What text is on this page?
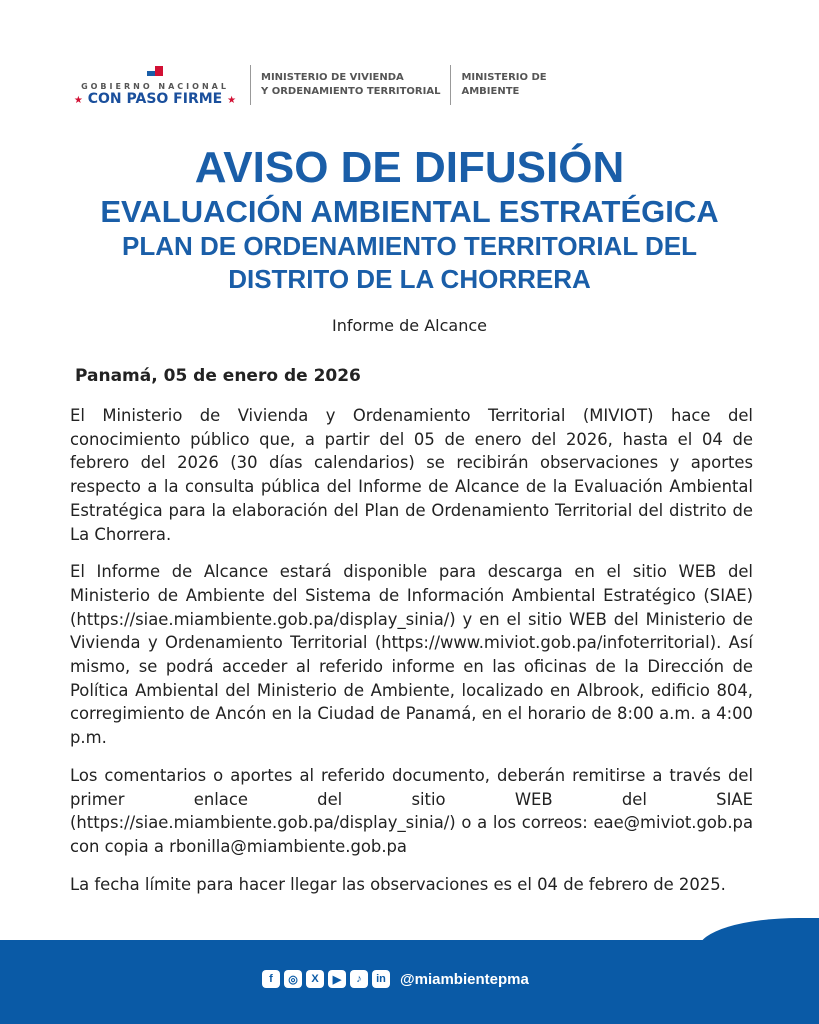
GOBIERNO NACIONAL
★ CON PASO FIRME ★
MINISTERIO DE VIVIENDA
Y ORDENAMIENTO TERRITORIAL
MINISTERIO DE
AMBIENTE
AVISO DE DIFUSIÓN
EVALUACIÓN AMBIENTAL ESTRATÉGICA
PLAN DE ORDENAMIENTO TERRITORIAL DEL
DISTRITO DE LA CHORRERA
Informe de Alcance
Panamá, 05 de enero de 2026

El Ministerio de Vivienda y Ordenamiento Territorial (MIVIOT) hace del conocimiento público que, a partir del 05 de enero del 2026, hasta el 04 de febrero del 2026 (30 días calendarios) se recibirán observaciones y aportes respecto a la consulta pública del Informe de Alcance de la Evaluación Ambiental Estratégica para la elaboración del Plan de Ordenamiento Territorial del distrito de La Chorrera.

El Informe de Alcance estará disponible para descarga en el sitio WEB del Ministerio de Ambiente del Sistema de Información Ambiental Estratégico (SIAE) (https://siae.miambiente.gob.pa/display_sinia/) y en el sitio WEB del Ministerio de Vivienda y Ordenamiento Territorial (https://www.miviot.gob.pa/infoterritorial). Así mismo, se podrá acceder al referido informe en las oficinas de la Dirección de Política Ambiental del Ministerio de Ambiente, localizado en Albrook, edificio 804, corregimiento de Ancón en la Ciudad de Panamá, en el horario de 8:00 a.m. a 4:00 p.m.

Los comentarios o aportes al referido documento, deberán remitirse a través del primer enlace del sitio WEB del SIAE (https://siae.miambiente.gob.pa/display_sinia/) o a los correos: eae@miviot.gob.pa con copia a rbonilla@miambiente.gob.pa

La fecha límite para hacer llegar las observaciones es el 04 de febrero de 2025.

f	◎	X	▶	♪	in @miambientepma
